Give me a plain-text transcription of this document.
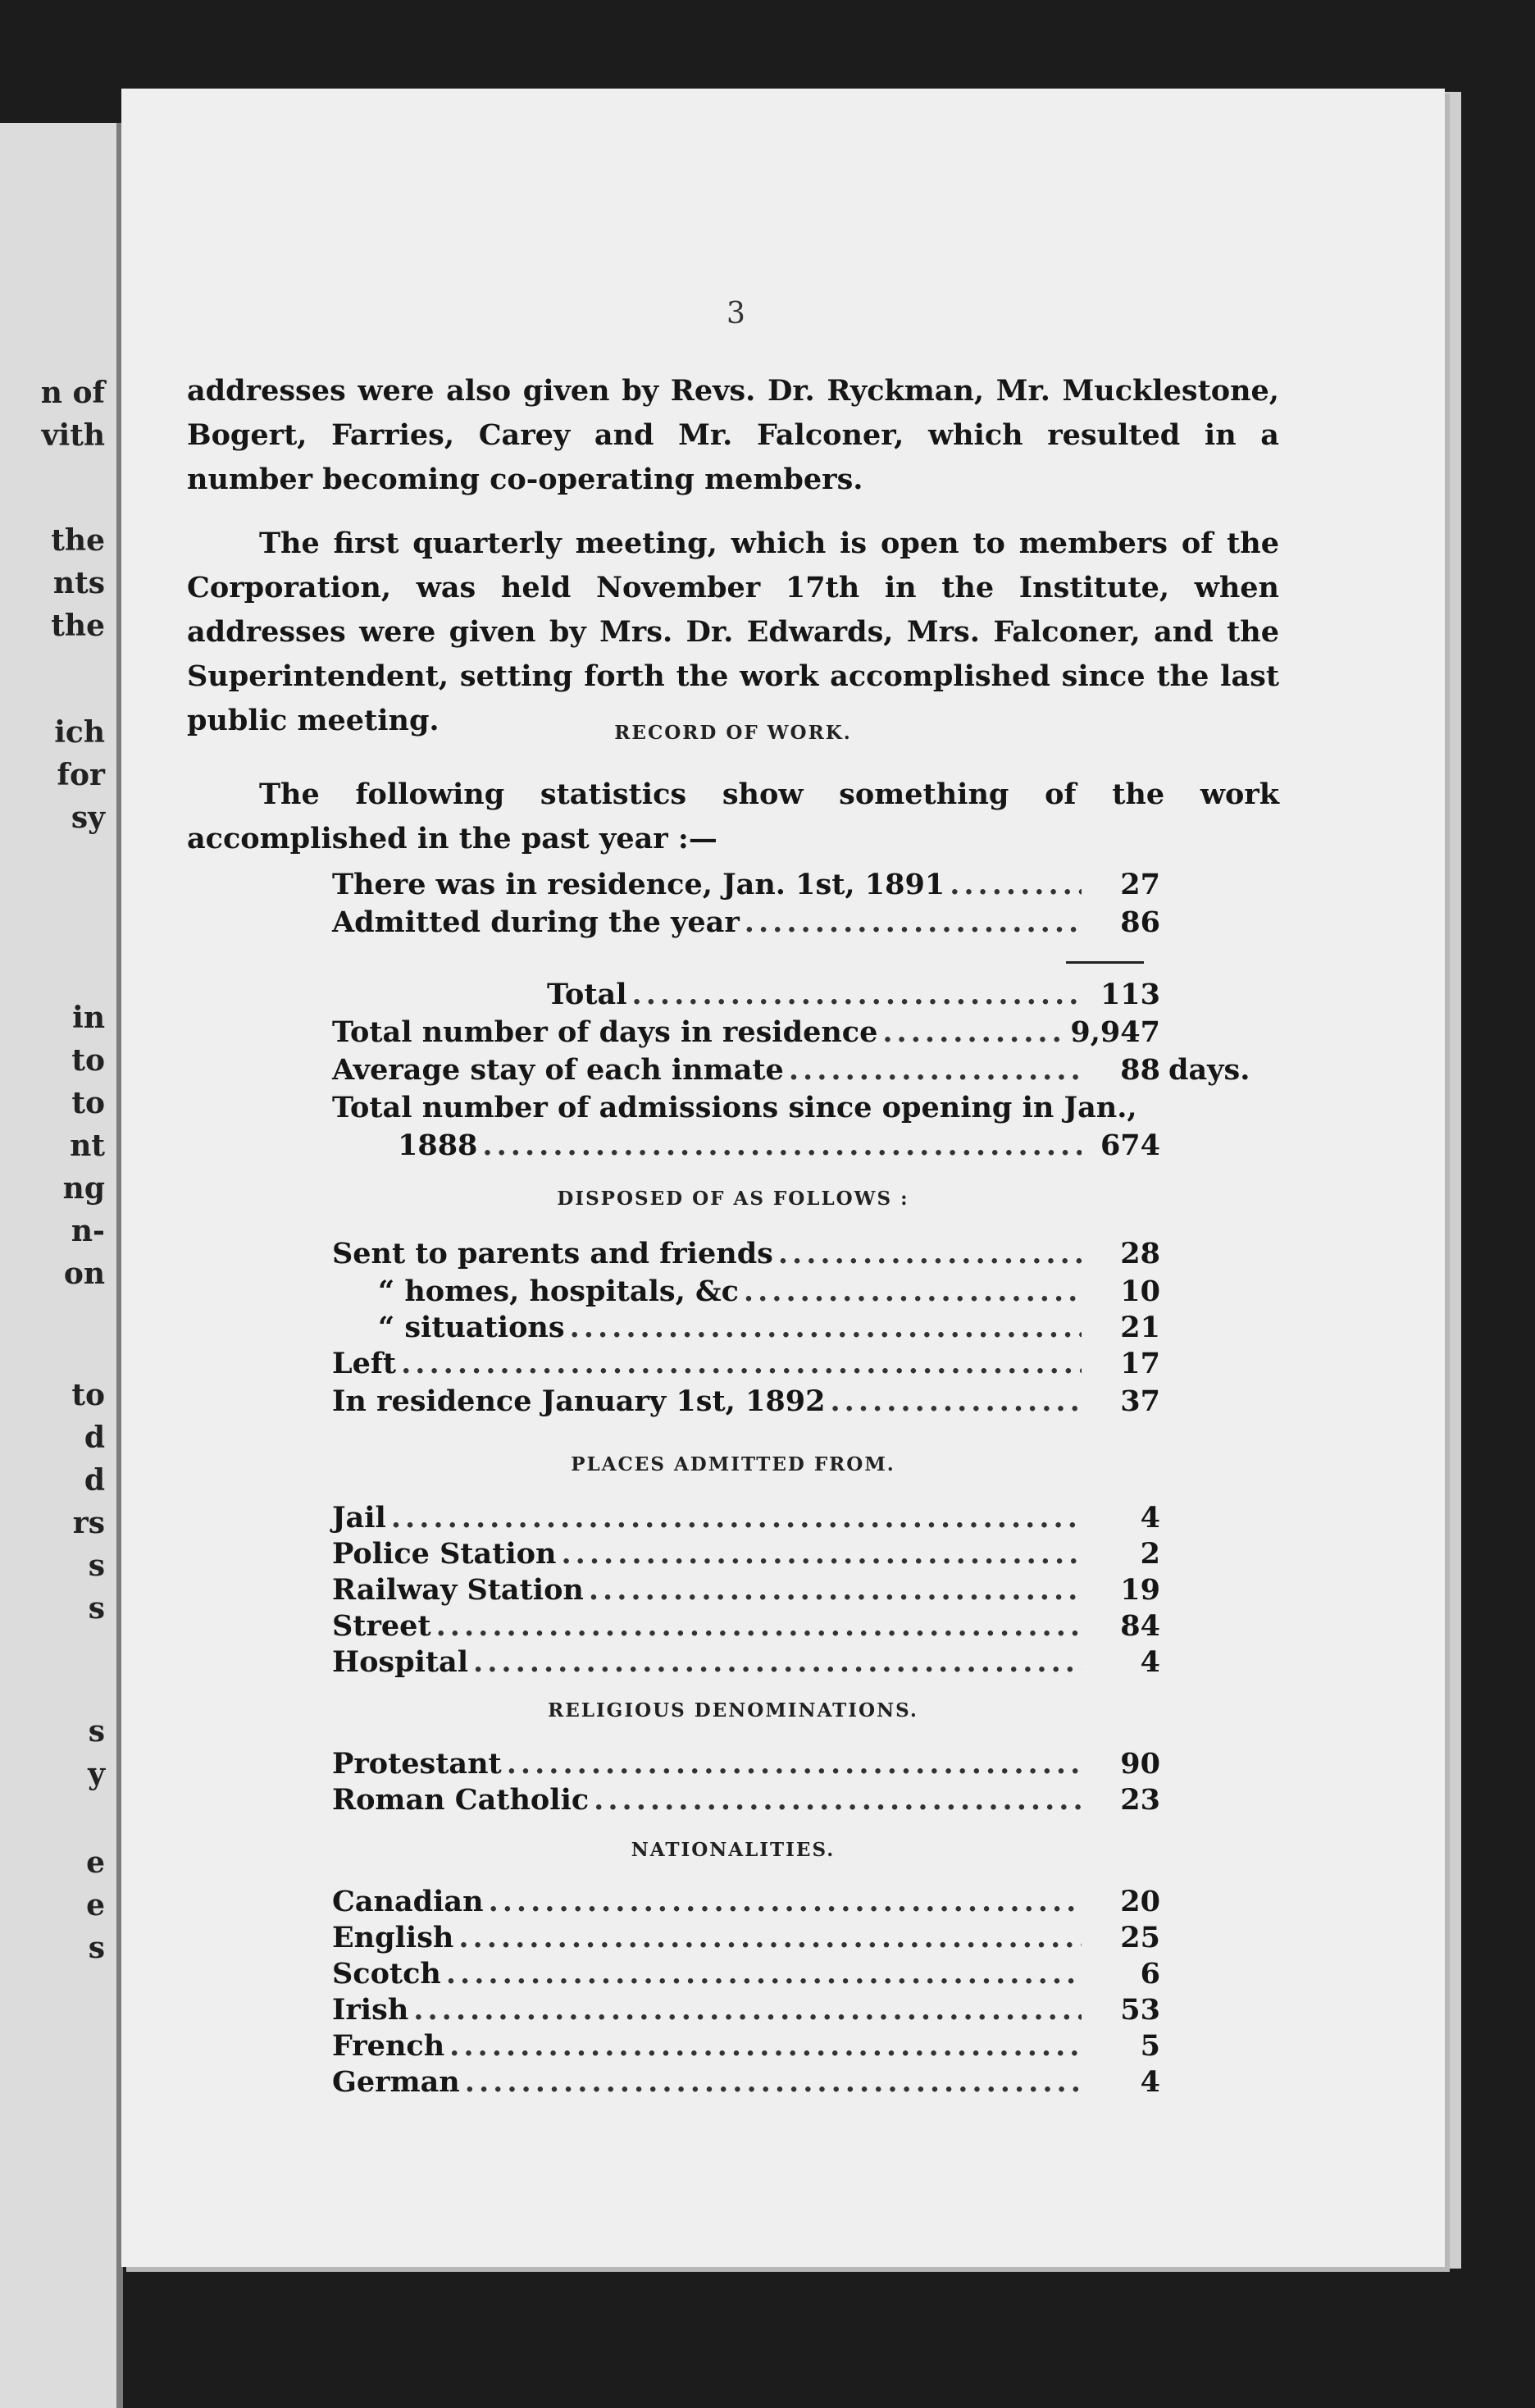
n of
vith
the
nts
the
ich
for
sy
in
to
to
nt
ng
n-
on
to
d
d
rs
s
s
s
y
e
e
s
3

addresses were also given by Revs. Dr. Ryckman, Mr. Mucklestone, Bogert, Farries, Carey and Mr. Falconer, which resulted in a number becoming co-operating members.

The first quarterly meeting, which is open to members of the Corporation, was held November 17th in the Institute, when addresses were given by Mrs. Dr. Edwards, Mrs. Falconer, and the Superintendent, setting forth the work accomplished since the last public meeting.	RECORD OF WORK.

The following statistics show something of the work accomplished in the past year :—

There was in residence, Jan. 1st, 1891 .....	27
Admitted during the year .....	86
Total .....	113
Total number of days in residence .....	9,947
Average stay of each inmate .....	88 days.
Total number of admissions since opening in Jan.,
1888 .....	674
DISPOSED OF AS FOLLOWS :
Sent to parents and friends .....	28
“ homes, hospitals, &c .....	10
“ situations .....	21
Left .....	17
In residence January 1st, 1892 .....	37
PLACES ADMITTED FROM.
Jail .....	4
Police Station .....	2
Railway Station .....	19
Street .....	84
Hospital .....	4
RELIGIOUS DENOMINATIONS.
Protestant .....	90
Roman Catholic .....	23
NATIONALITIES.
Canadian .....	20
English .....	25
Scotch .....	6
Irish .....	53
French .....	5
German .....	4
